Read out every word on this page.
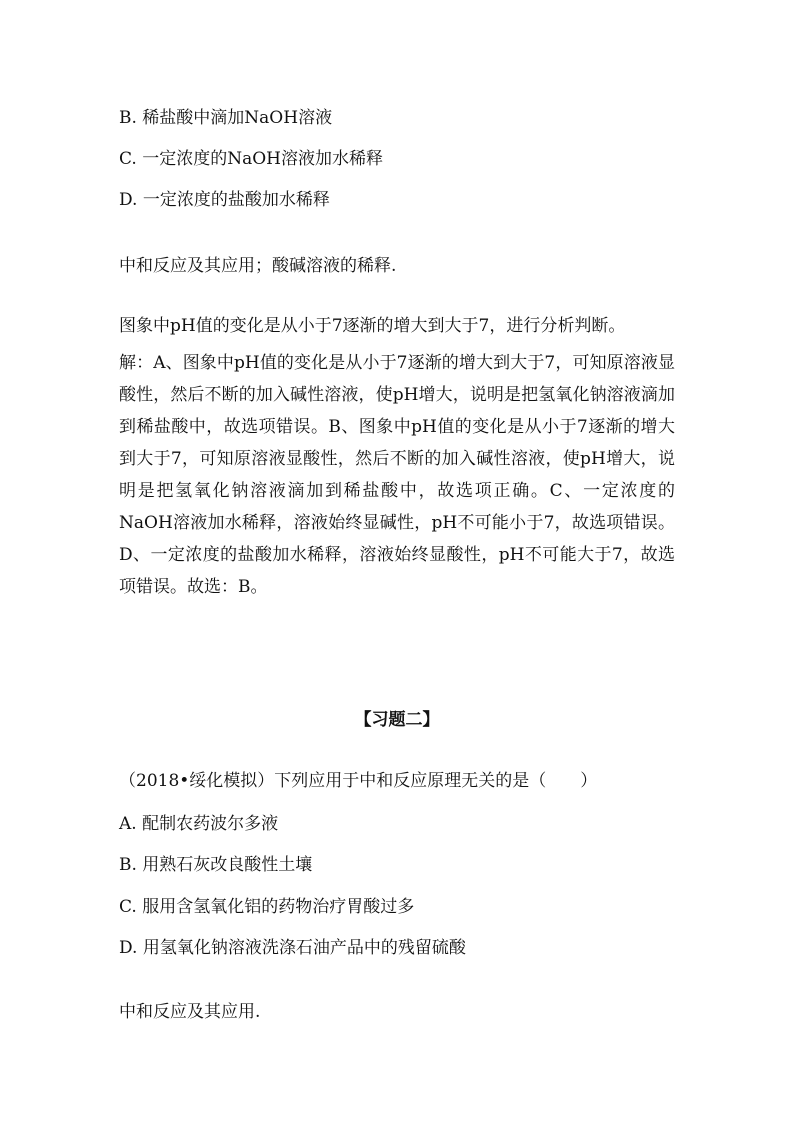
B. 稀盐酸中滴加NaOH溶液
C. 一定浓度的NaOH溶液加水稀释
D. 一定浓度的盐酸加水稀释
中和反应及其应用；酸碱溶液的稀释.

图象中pH值的变化是从小于7逐渐的增大到大于7，进行分析判断。

解：A、图象中pH值的变化是从小于7逐渐的增大到大于7，可知原溶液显酸性，然后不断的加入碱性溶液，使pH增大，说明是把氢氧化钠溶液滴加到稀盐酸中，故选项错误。B、图象中pH值的变化是从小于7逐渐的增大到大于7，可知原溶液显酸性，然后不断的加入碱性溶液，使pH增大，说明是把氢氧化钠溶液滴加到稀盐酸中，故选项正确。C、一定浓度的NaOH溶液加水稀释，溶液始终显碱性，pH不可能小于7，故选项错误。D、一定浓度的盐酸加水稀释，溶液始终显酸性，pH不可能大于7，故选项错误。故选：B。

【习题二】
（2018•绥化模拟）下列应用于中和反应原理无关的是（　　）
A. 配制农药波尔多液
B. 用熟石灰改良酸性土壤
C. 服用含氢氧化铝的药物治疗胃酸过多
D. 用氢氧化钠溶液洗涤石油产品中的残留硫酸
中和反应及其应用.
